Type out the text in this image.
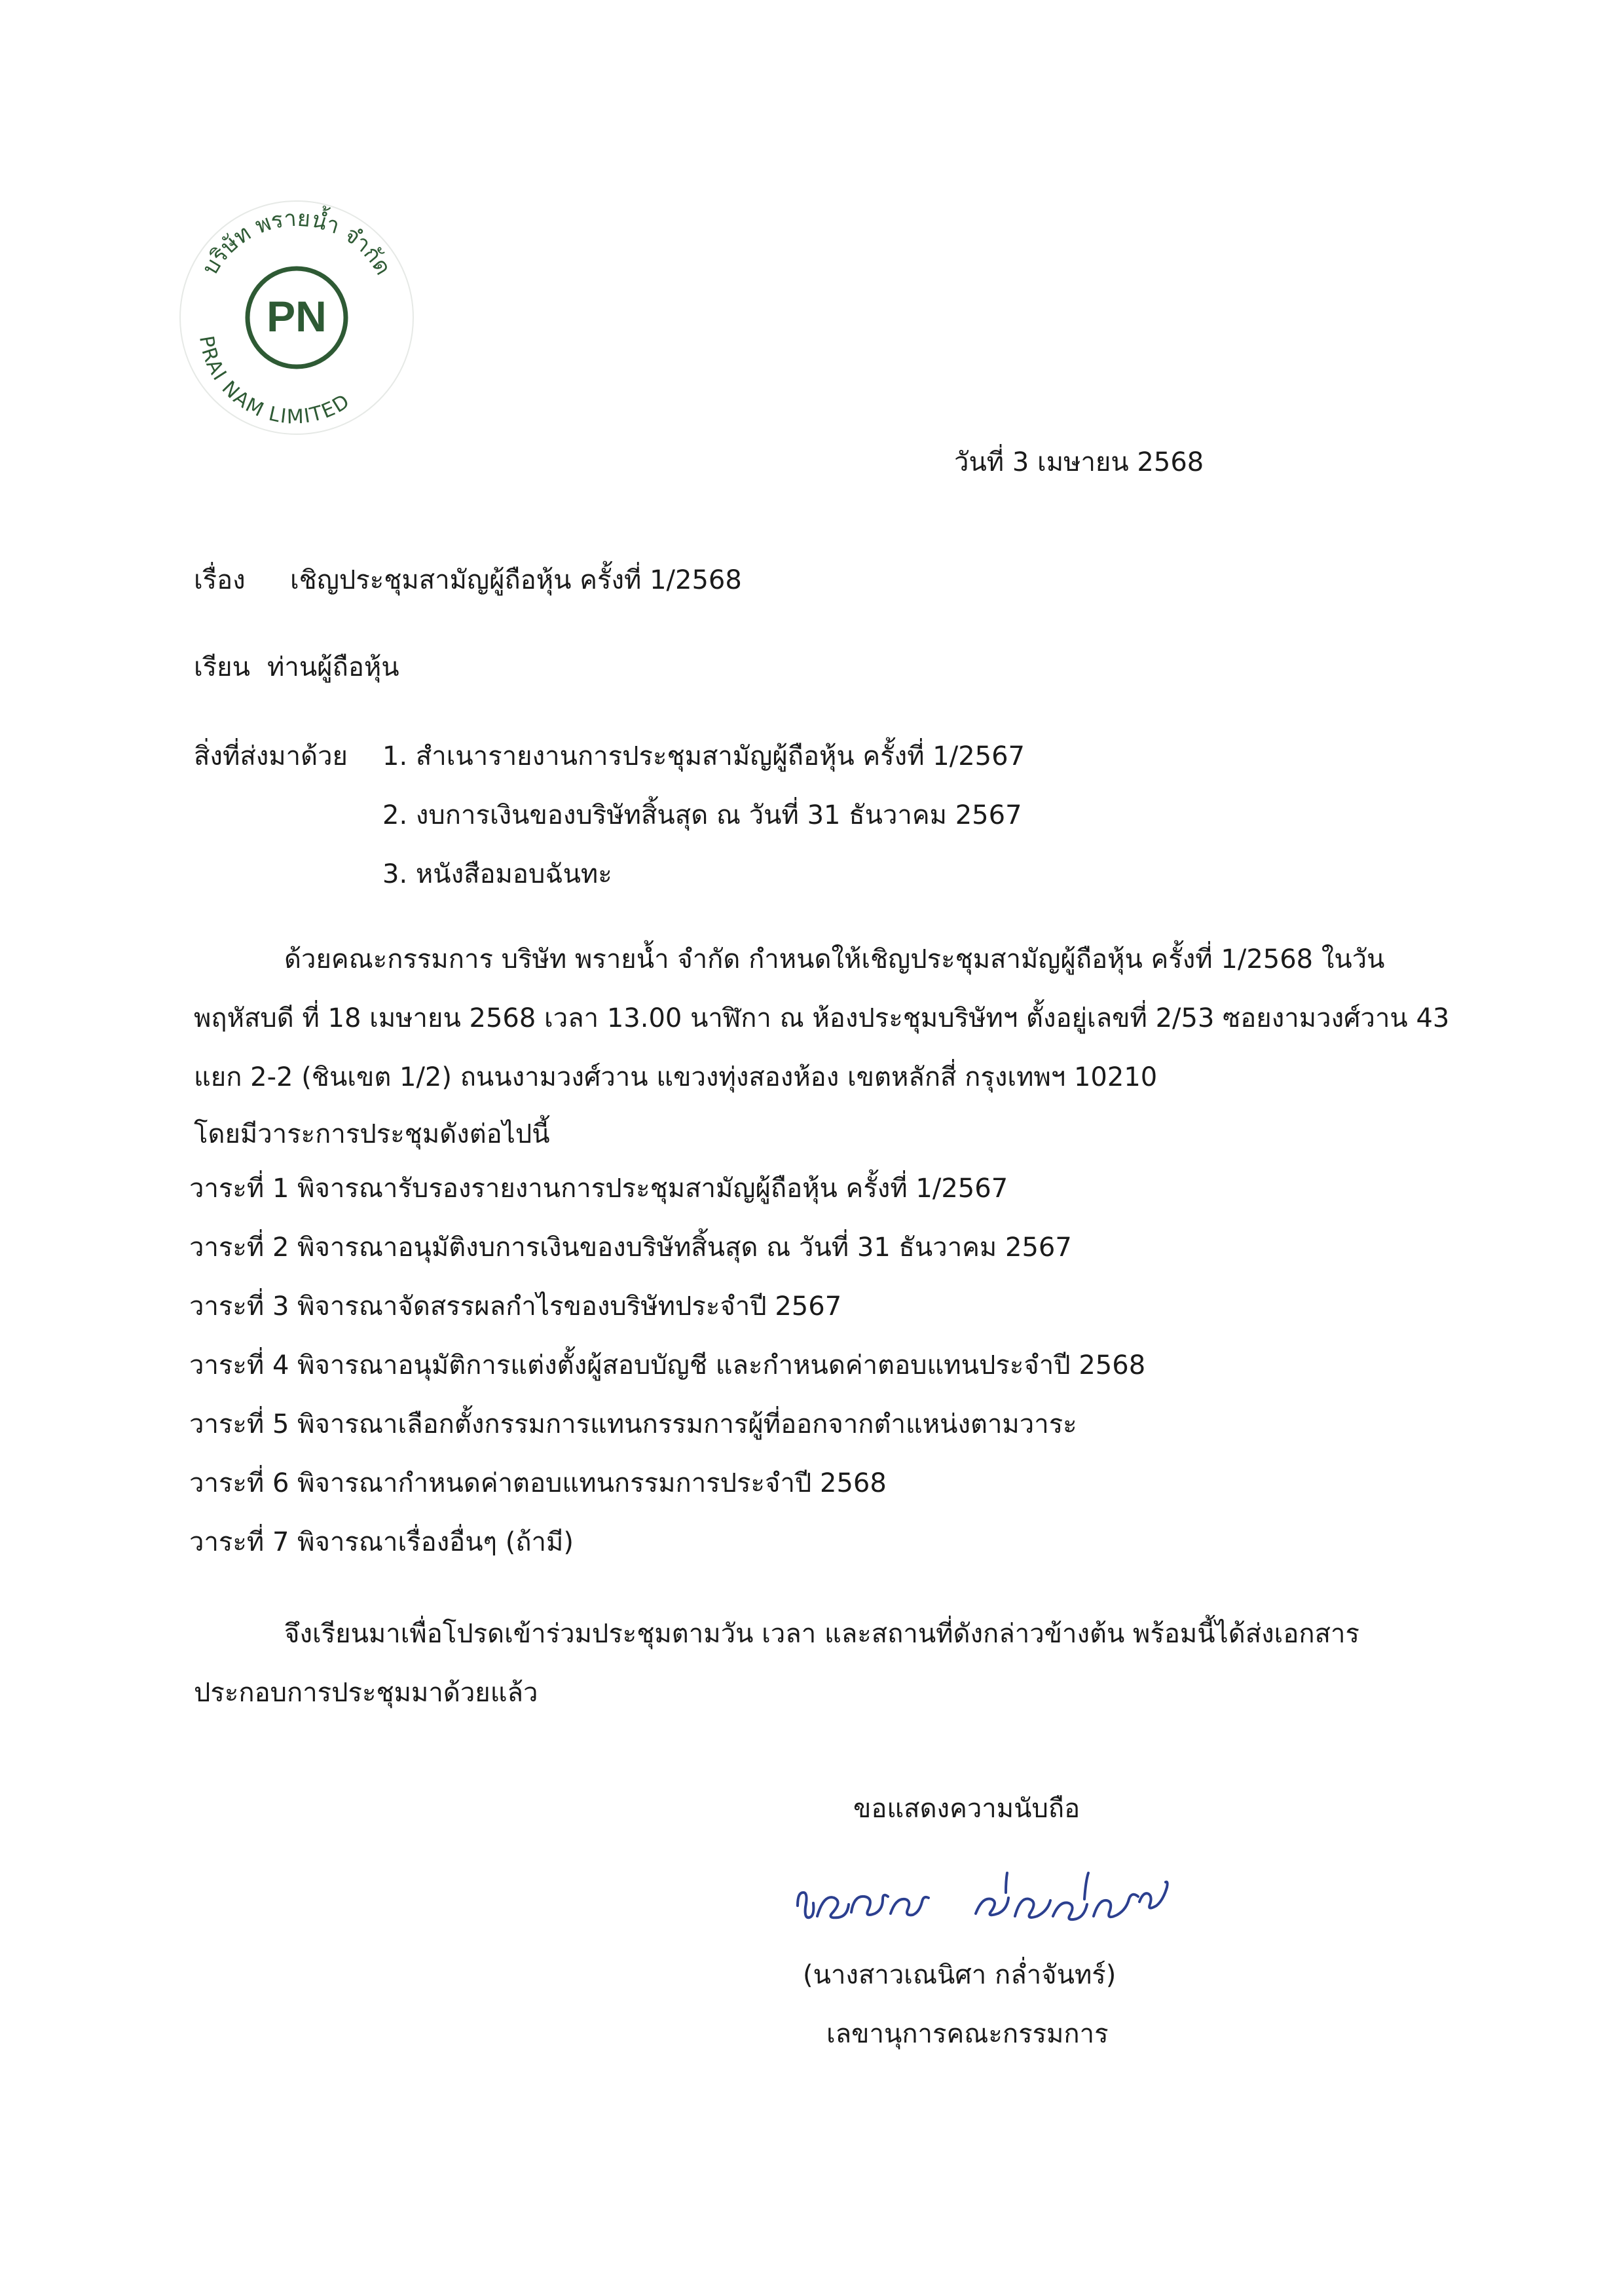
บริษัท พรายน้ำ จำกัด
PN
PRAI NAM LIMITED
วันที่ 3 เมษายน 2568
เรื่อง เชิญประชุมสามัญผู้ถือหุ้น ครั้งที่ 1/2568
เรียน ท่านผู้ถือหุ้น
สิ่งที่ส่งมาด้วย 1. สำเนารายงานการประชุมสามัญผู้ถือหุ้น ครั้งที่ 1/2567
2. งบการเงินของบริษัทสิ้นสุด ณ วันที่ 31 ธันวาคม 2567
3. หนังสือมอบฉันทะ
ด้วยคณะกรรมการ บริษัท พรายน้ำ จำกัด กำหนดให้เชิญประชุมสามัญผู้ถือหุ้น ครั้งที่ 1/2568 ในวัน
พฤหัสบดี ที่ 18 เมษายน 2568 เวลา 13.00 นาฬิกา ณ ห้องประชุมบริษัทฯ ตั้งอยู่เลขที่ 2/53 ซอยงามวงศ์วาน 43
แยก 2-2 (ชินเขต 1/2) ถนนงามวงศ์วาน แขวงทุ่งสองห้อง เขตหลักสี่ กรุงเทพฯ 10210
โดยมีวาระการประชุมดังต่อไปนี้
วาระที่ 1 พิจารณารับรองรายงานการประชุมสามัญผู้ถือหุ้น ครั้งที่ 1/2567
วาระที่ 2 พิจารณาอนุมัติงบการเงินของบริษัทสิ้นสุด ณ วันที่ 31 ธันวาคม 2567
วาระที่ 3 พิจารณาจัดสรรผลกำไรของบริษัทประจำปี 2567
วาระที่ 4 พิจารณาอนุมัติการแต่งตั้งผู้สอบบัญชี และกำหนดค่าตอบแทนประจำปี 2568
วาระที่ 5 พิจารณาเลือกตั้งกรรมการแทนกรรมการผู้ที่ออกจากตำแหน่งตามวาระ
วาระที่ 6 พิจารณากำหนดค่าตอบแทนกรรมการประจำปี 2568
วาระที่ 7 พิจารณาเรื่องอื่นๆ (ถ้ามี)
จึงเรียนมาเพื่อโปรดเข้าร่วมประชุมตามวัน เวลา และสถานที่ดังกล่าวข้างต้น พร้อมนี้ได้ส่งเอกสาร
ประกอบการประชุมมาด้วยแล้ว
ขอแสดงความนับถือ
(นางสาวเณนิศา กล่ำจันทร์)
เลขานุการคณะกรรมการ
